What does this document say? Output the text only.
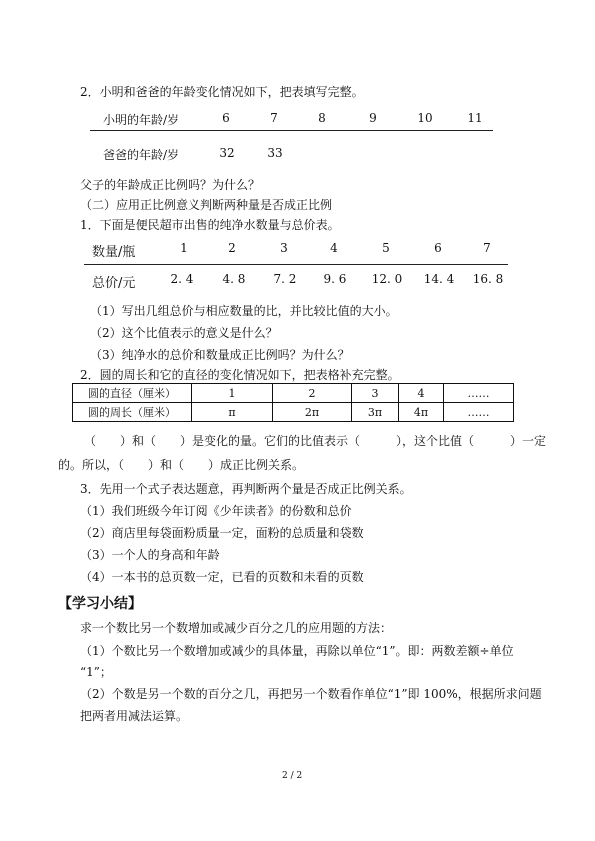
2．小明和爸爸的年龄变化情况如下，把表填写完整。
小明的年龄/岁	6	7	8	9	10	11
爸爸的年龄/岁	32	33
父子的年龄成正比例吗？为什么？
（二）应用正比例意义判断两种量是否成正比例
1．下面是便民超市出售的纯净水数量与总价表。
数量/瓶	1	2	3	4	5	6	7
总价/元	2. 4	4. 8	7. 2	9. 6	12. 0	14. 4	16. 8
（1）写出几组总价与相应数量的比，并比较比值的大小。
（2）这个比值表示的意义是什么？
（3）纯净水的总价和数量成正比例吗？为什么？
2．圆的周长和它的直径的变化情况如下，把表格补充完整。
圆的直径（厘米）	1	2	3	4	……
圆的周长（厘米）	π	2π	3π	4π	……
（　　）和（　　）是变化的量。它们的比值表示（　　　），这个比值（　　　）一定
的。所以，（　　）和（　　）成正比例关系。
3．先用一个式子表达题意，再判断两个量是否成正比例关系。
（1）我们班级今年订阅《少年读者》的份数和总价
（2）商店里每袋面粉质量一定，面粉的总质量和袋数
（3）一个人的身高和年龄
（4）一本书的总页数一定，已看的页数和未看的页数
【学习小结】
求一个数比另一个数增加或减少百分之几的应用题的方法：
（1）个数比另一个数增加或减少的具体量，再除以单位“1”。即：两数差额÷单位
“1”；
（2）个数是另一个数的百分之几，再把另一个数看作单位“1”即 100%，根据所求问题
把两者用减法运算。
2 / 2
